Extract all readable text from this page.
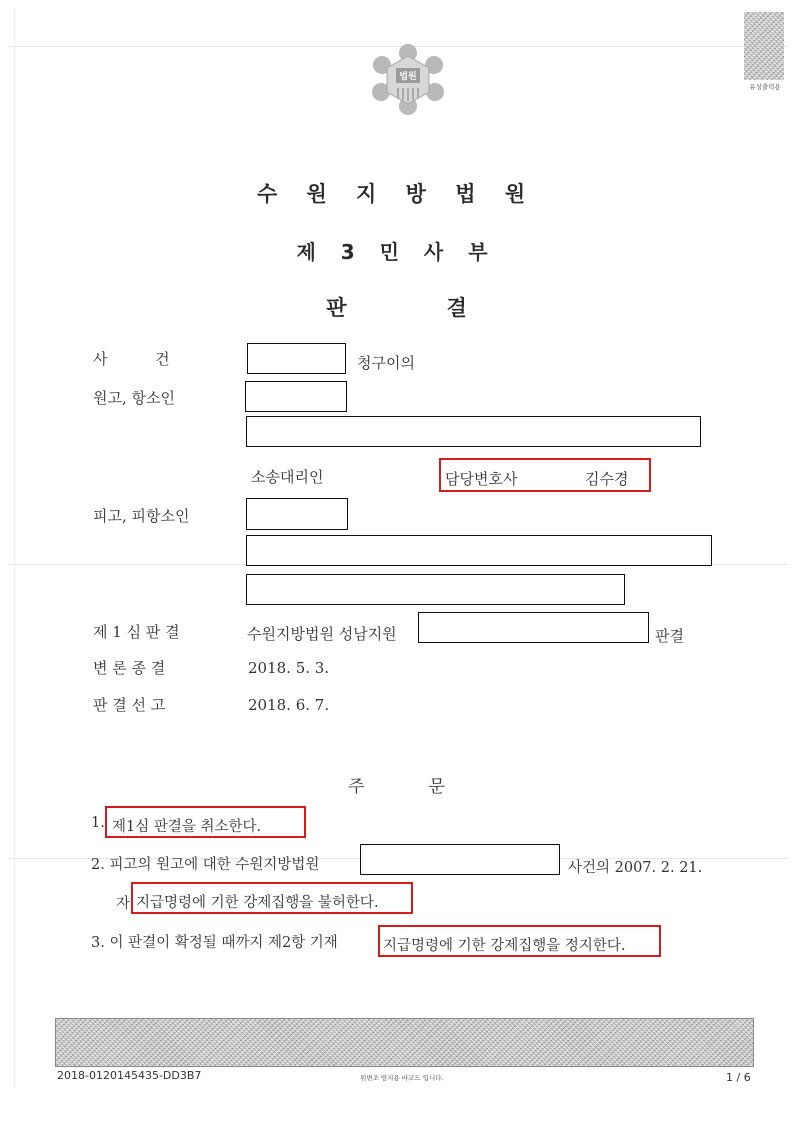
법원
유성출력용
수 원 지 방 법 원
제 3 민 사 부
판	결
사          건	청구이의
원고, 항소인
소송대리인	담당변호사	김수경
피고, 피항소인
제 1 심 판 결	수원지방법원 성남지원	판결
변 론 종 결	2018. 5. 3.
판 결 선 고	2018. 6. 7.
주	문
1. 제1심 판결을 취소한다.
2. 피고의 원고에 대한 수원지방법원	사건의 2007. 2. 21.
자 지급명령에 기한 강제집행을 불허한다.
3. 이 판결이 확정될 때까지 제2항 기재	지급명령에 기한 강제집행을 정지한다.
2018-0120145435-DD3B7	위변조 방지용 바코드 입니다.	1 / 6
